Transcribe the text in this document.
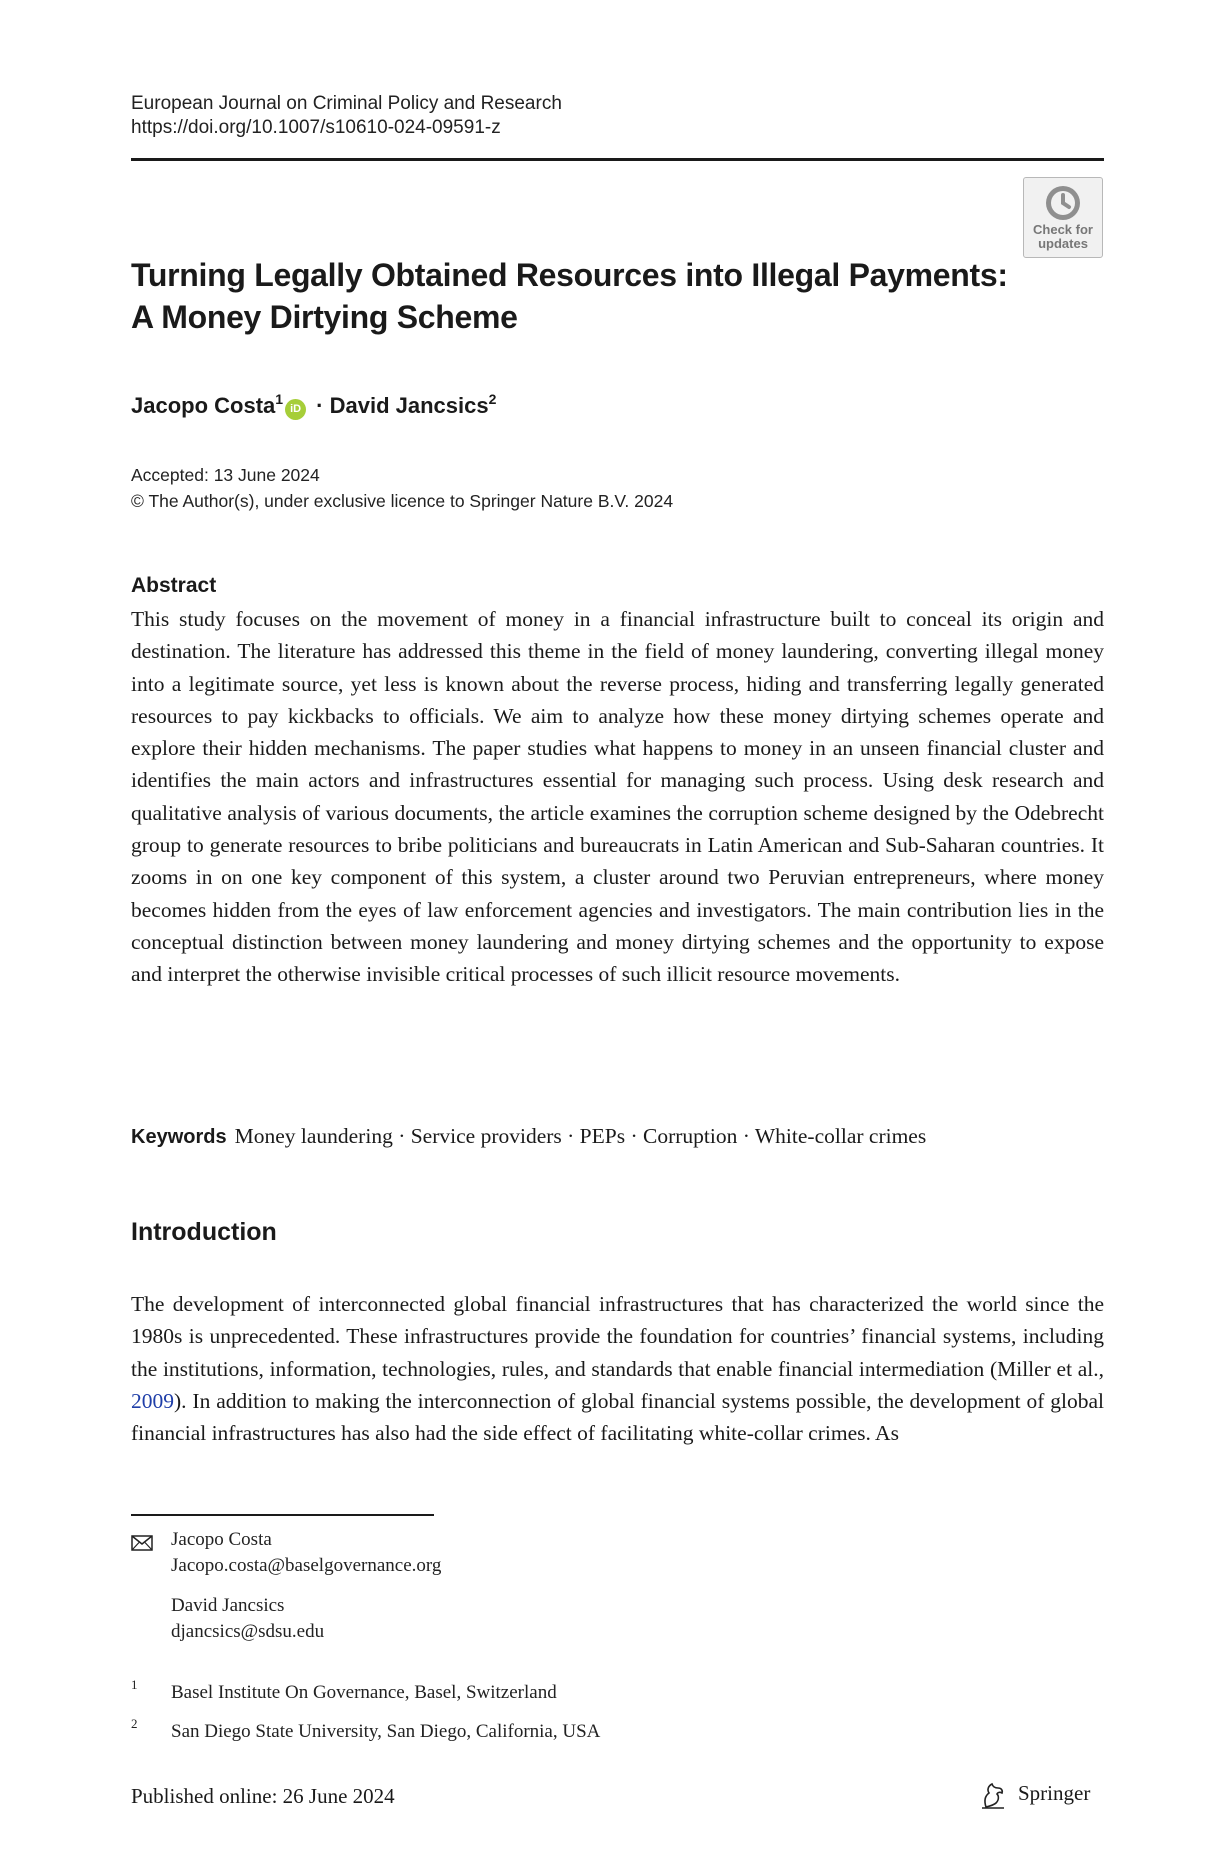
European Journal on Criminal Policy and Research
https://doi.org/10.1007/s10610-024-09591-z
Check for
updates
Turning Legally Obtained Resources into Illegal Payments:
A Money Dirtying Scheme
Jacopo Costa$^1$iD · David Jancsics$^2$
Accepted: 13 June 2024
© The Author(s), under exclusive licence to Springer Nature B.V. 2024
Abstract
This study focuses on the movement of money in a financial infrastructure built to conceal its origin and destination. The literature has addressed this theme in the field of money laundering, converting illegal money into a legitimate source, yet less is known about the reverse process, hiding and transferring legally generated resources to pay kickbacks to officials. We aim to analyze how these money dirtying schemes operate and explore their hidden mechanisms. The paper studies what happens to money in an unseen financial cluster and identifies the main actors and infrastructures essential for managing such process. Using desk research and qualitative analysis of various documents, the article examines the corruption scheme designed by the Odebrecht group to generate resources to bribe politicians and bureaucrats in Latin American and Sub-Saharan countries. It zooms in on one key component of this system, a cluster around two Peruvian entrepreneurs, where money becomes hidden from the eyes of law enforcement agencies and investigators. The main contribution lies in the conceptual distinction between money laundering and money dirtying schemes and the opportunity to expose and interpret the otherwise invisible critical processes of such illicit resource movements.
Keywords Money laundering · Service providers · PEPs · Corruption · White-collar crimes
Introduction
The development of interconnected global financial infrastructures that has characterized the world since the 1980s is unprecedented. These infrastructures provide the foundation for countries’ financial systems, including the institutions, information, technologies, rules, and standards that enable financial intermediation (Miller et al., 2009). In addition to making the interconnection of global financial systems possible, the development of global financial infrastructures has also had the side effect of facilitating white-collar crimes. As
Jacopo Costa
Jacopo.costa@baselgovernance.org
David Jancsics
djancsics@sdsu.edu
1 Basel Institute On Governance, Basel, Switzerland
2 San Diego State University, San Diego, California, USA
Published online: 26 June 2024	Springer
